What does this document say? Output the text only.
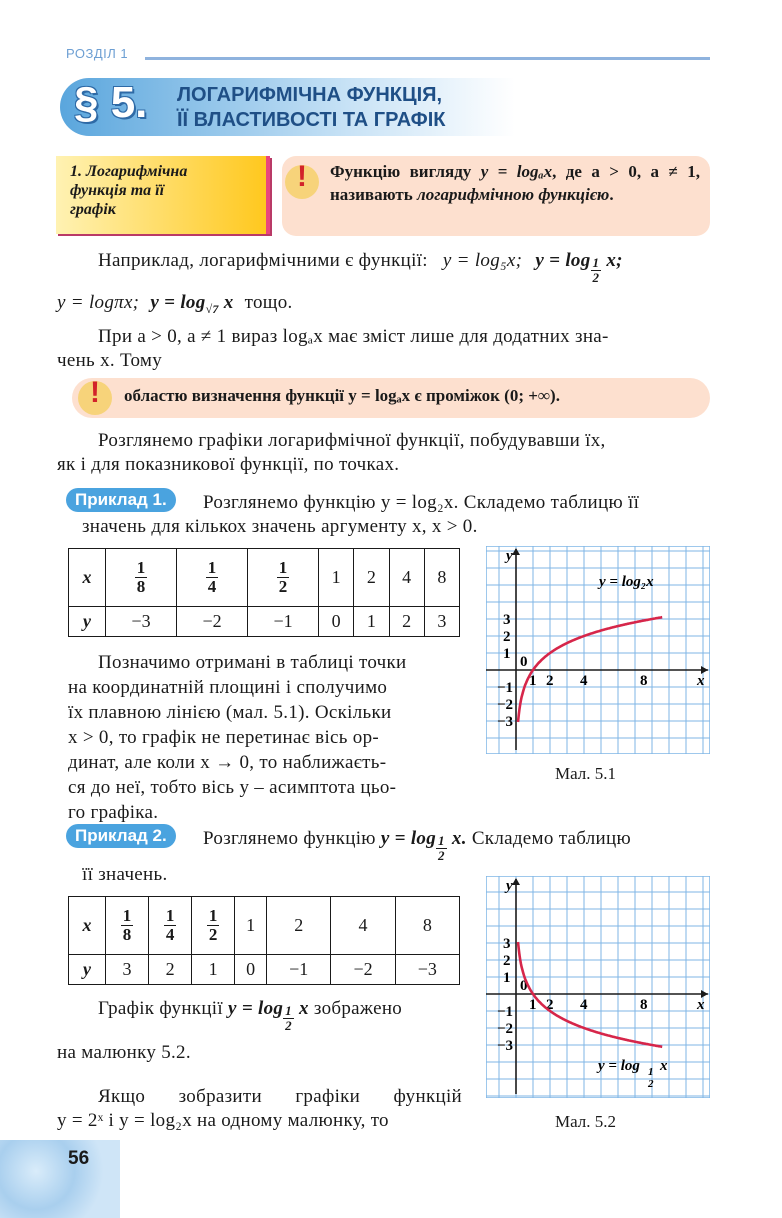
РОЗДІЛ 1
§ 5. ЛОГАРИФМІЧНА ФУНКЦІЯ,
ЇЇ ВЛАСТИВОСТІ ТА ГРАФІК
1. Логарифмічна
функція та її
графік
! Функцію вигляду y = logₐx, де a > 0, a ≠ 1, називають логарифмічною функцією.
Наприклад, логарифмічними є функції: y = log₅x; $y = \log \frac{1}{2} x$;
y = logπx; $y = \log_{√7} x$ тощо.
При a > 0, a ≠ 1 вираз logₐx має зміст лише для додатних зна-
чень x. Тому
! областю визначення функції y = logₐx є проміжок (0; +∞).
Розглянемо графіки логарифмічної функції, побудувавши їх,
як і для показникової функції, по точках.
Приклад 1.	Розглянемо функцію y = log₂x. Складемо таблицю її
значень для кількох значень аргументу x, x > 0.
x	$\frac{1}{8}$	$\frac{1}{4}$	$\frac{1}{2}$	1	2	4	8
y	−3	−2	−1	0	1	2	3
Позначимо отримані в таблиці точки
на координатній площині і сполучимо
їх плавною лінією (мал. 5.1). Оскільки
x > 0, то графік не перетинає вісь ор-
динат, але коли x → 0, то наближаєть-
ся до неї, тобто вісь y – асимптота цьо-
го графіка.
y
x
0
1 2 4	8
3
2
1
−1
−2
−3
y = log₂x
Мал. 5.1
Приклад 2.	Розглянемо функцію $y = \log \frac{1}{2} x$. Складемо таблицю
її значень.
x	$\frac{1}{8}$	$\frac{1}{4}$	$\frac{1}{2}$	1	2	4	8
y	3	2	1	0	−1	−2	−3
Графік функції $y = \log \frac{1}{2}$ x зображено
на малюнку 5.2.
Якщо зобразити графіки функцій
y = 2ˣ і y = log₂x на одному малюнку, то
y
x
0
1 2 4	8
3
2
1
−1
−2
−3
y = log 1
2
x
Мал. 5.2
56
